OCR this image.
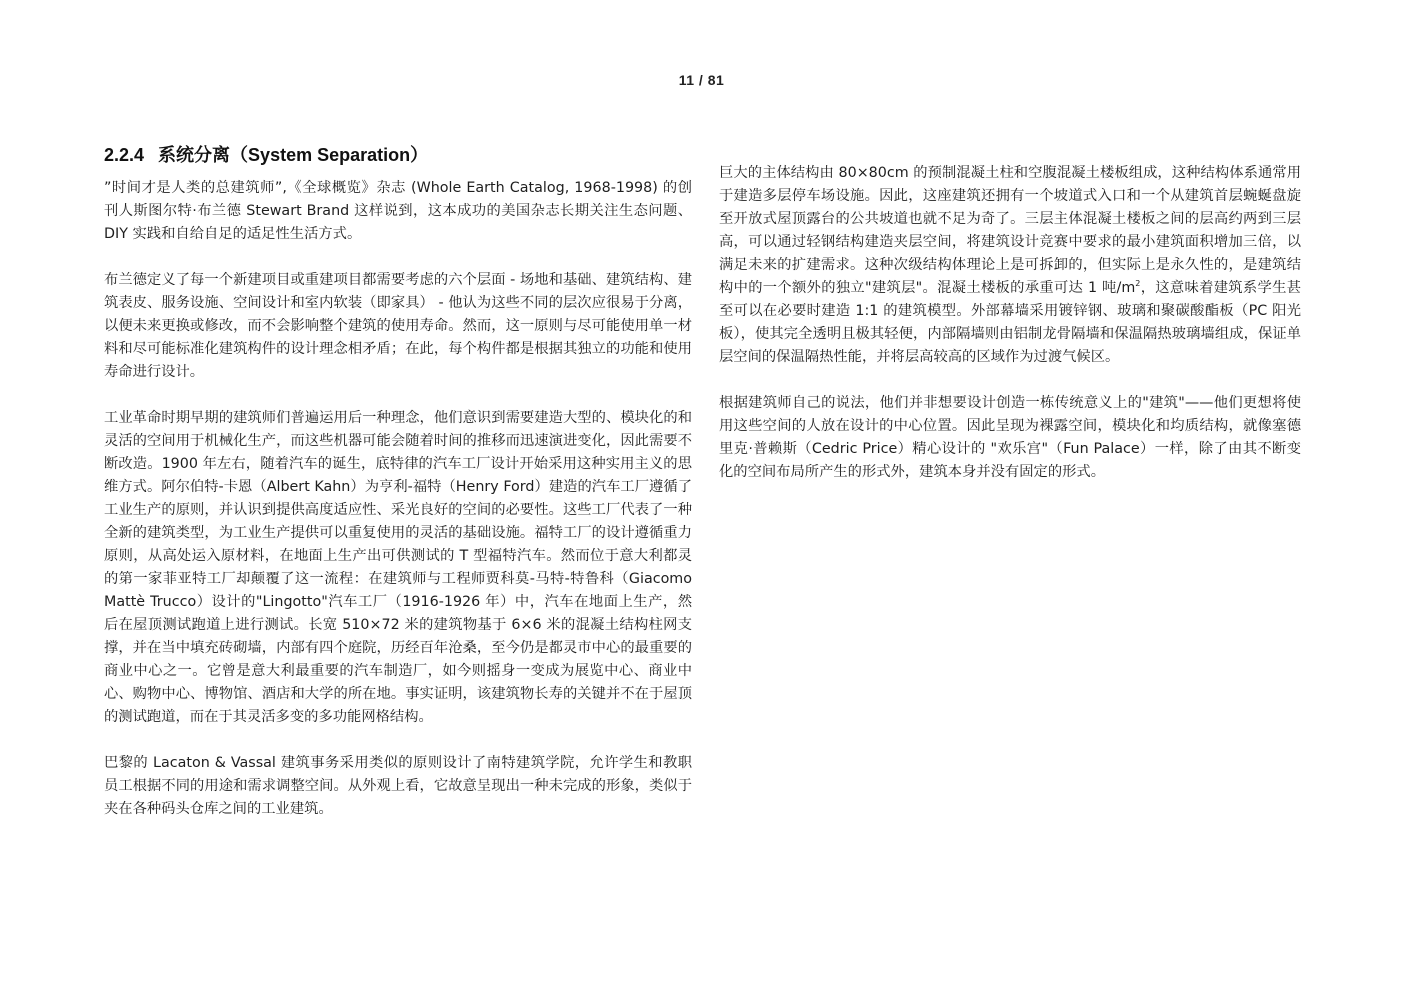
11 / 81
2.2.4 系统分离（System Separation）

”时间才是人类的总建筑师”,《全球概览》杂志 (Whole Earth Catalog, 1968-1998) 的创刊人斯图尔特·布兰德 Stewart Brand 这样说到，这本成功的美国杂志长期关注生态问题、DIY 实践和自给自足的适足性生活方式。

布兰德定义了每一个新建项目或重建项目都需要考虑的六个层面 - 场地和基础、建筑结构、建筑表皮、服务设施、空间设计和室内软装（即家具） - 他认为这些不同的层次应很易于分离，以便未来更换或修改，而不会影响整个建筑的使用寿命。然而，这一原则与尽可能使用单一材料和尽可能标准化建筑构件的设计理念相矛盾；在此，每个构件都是根据其独立的功能和使用寿命进行设计。

工业革命时期早期的建筑师们普遍运用后一种理念，他们意识到需要建造大型的、模块化的和灵活的空间用于机械化生产，而这些机器可能会随着时间的推移而迅速演进变化，因此需要不断改造。1900 年左右，随着汽车的诞生，底特律的汽车工厂设计开始采用这种实用主义的思维方式。阿尔伯特-卡恩（Albert Kahn）为亨利-福特（Henry Ford）建造的汽车工厂遵循了工业生产的原则，并认识到提供高度适应性、采光良好的空间的必要性。这些工厂代表了一种全新的建筑类型，为工业生产提供可以重复使用的灵活的基础设施。福特工厂的设计遵循重力原则，从高处运入原材料，在地面上生产出可供测试的 T 型福特汽车。然而位于意大利都灵的第一家菲亚特工厂却颠覆了这一流程：在建筑师与工程师贾科莫-马特-特鲁科（Giacomo Mattè Trucco）设计的"Lingotto"汽车工厂（1916-1926 年）中，汽车在地面上生产，然后在屋顶测试跑道上进行测试。长宽 510×72 米的建筑物基于 6×6 米的混凝土结构柱网支撑，并在当中填充砖砌墙，内部有四个庭院，历经百年沧桑，至今仍是都灵市中心的最重要的商业中心之一。它曾是意大利最重要的汽车制造厂，如今则摇身一变成为展览中心、商业中心、购物中心、博物馆、酒店和大学的所在地。事实证明，该建筑物长寿的关键并不在于屋顶的测试跑道，而在于其灵活多变的多功能网格结构。

巴黎的 Lacaton & Vassal 建筑事务采用类似的原则设计了南特建筑学院，允许学生和教职员工根据不同的用途和需求调整空间。从外观上看，它故意呈现出一种未完成的形象，类似于夹在各种码头仓库之间的工业建筑。

巨大的主体结构由 80×80cm 的预制混凝土柱和空腹混凝土楼板组成，这种结构体系通常用于建造多层停车场设施。因此，这座建筑还拥有一个坡道式入口和一个从建筑首层蜿蜒盘旋至开放式屋顶露台的公共坡道也就不足为奇了。三层主体混凝土楼板之间的层高约两到三层高，可以通过轻钢结构建造夹层空间，将建筑设计竞赛中要求的最小建筑面积增加三倍，以满足未来的扩建需求。这种次级结构体理论上是可拆卸的，但实际上是永久性的，是建筑结构中的一个额外的独立"建筑层"。混凝土楼板的承重可达 1 吨$/m^2$，这意味着建筑系学生甚至可以在必要时建造 1:1 的建筑模型。外部幕墙采用镀锌钢、玻璃和聚碳酸酯板（PC 阳光板），使其完全透明且极其轻便，内部隔墙则由铝制龙骨隔墙和保温隔热玻璃墙组成，保证单层空间的保温隔热性能，并将层高较高的区域作为过渡气候区。

根据建筑师自己的说法，他们并非想要设计创造一栋传统意义上的"建筑"——他们更想将使用这些空间的人放在设计的中心位置。因此呈现为裸露空间，模块化和均质结构，就像塞德里克·普赖斯（Cedric Price）精心设计的 "欢乐宫"（Fun Palace）一样，除了由其不断变化的空间布局所产生的形式外，建筑本身并没有固定的形式。
